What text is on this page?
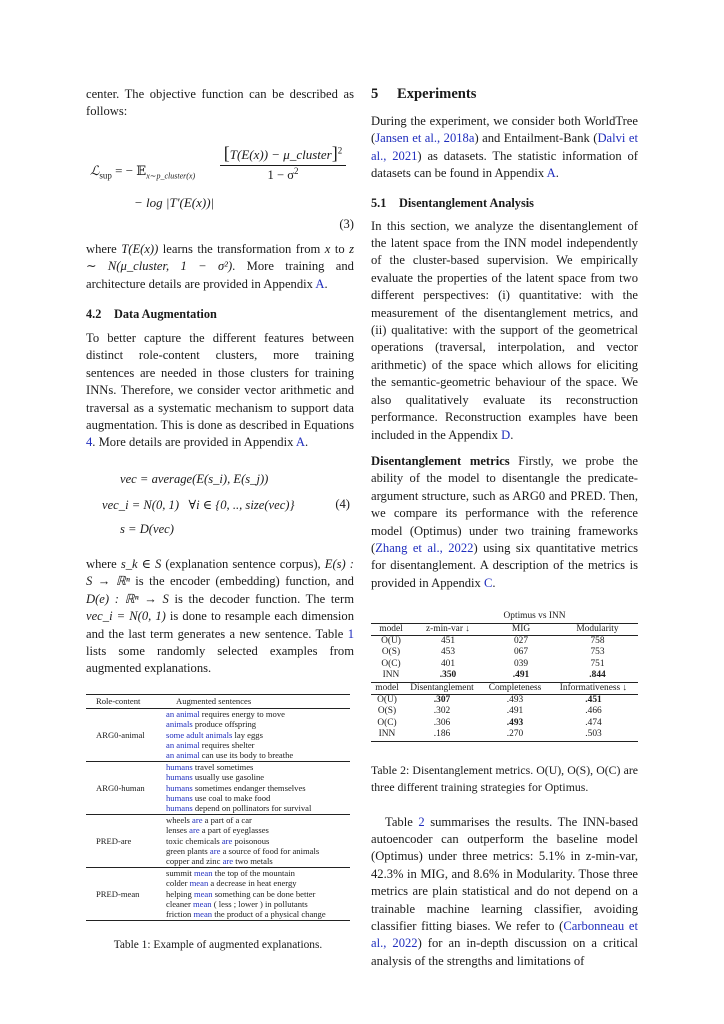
center. The objective function can be described as follows:

ℒ$_{sup}$ = − 𝔼$_{x\sim p\_cluster(x)}$
[T(E(x)) − μ_cluster]$^2$
$1 - \sigma^2$
− log |T′(E(x))|
(3)

where T(E(x)) learns the transformation from x to z ∼ N(μ_cluster, 1 − σ²). More training and architecture details are provided in Appendix A.

4.2 Data Augmentation

To better capture the different features between distinct role-content clusters, more training sentences are needed in those clusters for training INNs. Therefore, we consider vector arithmetic and traversal as a systematic mechanism to support data augmentation. This is done as described in Equations 4. More details are provided in Appendix A.

vec = average(E(s_i), E(s_j))
vec_i = N(0, 1)   ∀i ∈ {0, .., size(vec)}	(4)
s = D(vec)

where s_k ∈ S (explanation sentence corpus), E(s) : S → ℝⁿ is the encoder (embedding) function, and D(e) : ℝⁿ → S is the decoder function. The term vec_i = N(0, 1) is done to resample each dimension and the last term generates a new sentence. Table 1 lists some randomly selected examples from augmented explanations.

Role-content	Augmented sentences
ARG0-animal
an animal requires energy to move
animals produce offspring
some adult animals lay eggs
an animal requires shelter
an animal can use its body to breathe
ARG0-human
humans travel sometimes
humans usually use gasoline
humans sometimes endanger themselves
humans use coal to make food
humans depend on pollinators for survival
PRED-are
wheels are a part of a car
lenses are a part of eyeglasses
toxic chemicals are poisonous
green plants are a source of food for animals
copper and zinc are two metals
PRED-mean
summit mean the top of the mountain
colder mean a decrease in heat energy
helping mean something can be done better
cleaner mean ( less ; lower ) in pollutants
friction mean the product of a physical change
Table 1: Example of augmented explanations.
5 Experiments

During the experiment, we consider both WorldTree (Jansen et al., 2018a) and Entailment-Bank (Dalvi et al., 2021) as datasets. The statistic information of datasets can be found in Appendix A.

5.1 Disentanglement Analysis

In this section, we analyze the disentanglement of the latent space from the INN model independently of the cluster-based supervision. We empirically evaluate the properties of the latent space from two different perspectives: (i) quantitative: with the measurement of the disentanglement metrics, and (ii) qualitative: with the support of the geometrical operations (traversal, interpolation, and vector arithmetic) of the space which allows for eliciting the semantic-geometric behaviour of the space. We also qualitatively evaluate its reconstruction performance. Reconstruction examples have been included in the Appendix D.

Disentanglement metrics Firstly, we probe the ability of the model to disentangle the predicate-argument structure, such as ARG0 and PRED. Then, we compare its performance with the reference model (Optimus) under two training frameworks (Zhang et al., 2022) using six quantitative metrics for disentanglement. A description of the metrics is provided in Appendix C.

Optimus vs INN
model	z-min-var ↓	MIG	Modularity
O(U)	451	027	758
O(S)	453	067	753
O(C)	401	039	751
INN	.350	.491	.844
model	Disentanglement	Completeness	Informativeness ↓
O(U)	.307	.493	.451
O(S)	.302	.491	.466
O(C)	.306	.493	.474
INN	.186	.270	.503
Table 2: Disentanglement metrics. O(U), O(S), O(C) are three different training strategies for Optimus.

Table 2 summarises the results. The INN-based autoencoder can outperform the baseline model (Optimus) under three metrics: 5.1% in z-min-var, 42.3% in MIG, and 8.6% in Modularity. Those three metrics are plain statistical and do not depend on a trainable machine learning classifier, avoiding classifier fitting biases. We refer to (Carbonneau et al., 2022) for an in-depth discussion on a critical analysis of the strengths and limitations of
